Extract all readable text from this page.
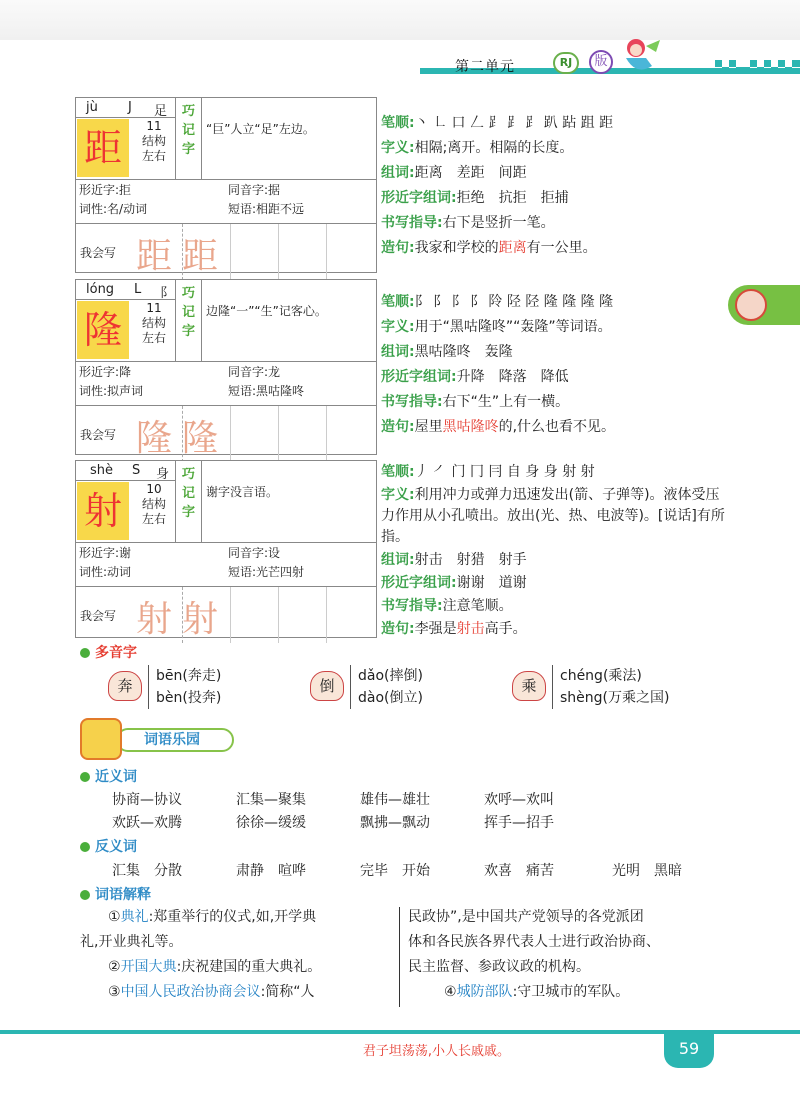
第二单元	RJ	版
jù J 足
距	11
结构
左右
巧记字
“巨”人立“足”左边。
形近字:拒	同音字:据
词性:名/动词	短语:相距不远
我会写 距 距
lóng L 阝
隆	11
结构
左右
巧记字
边隆“一”“生”记客心。
形近字:降	同音字:龙
词性:拟声词	短语:黑咕隆咚
我会写 隆 隆
shè S 身
射	10
结构
左右
巧记字
谢字没言语。
形近字:谢	同音字:设
词性:动词	短语:光芒四射
我会写 射 射
笔顺:丶 ㇗ 口 𠃋 ⻊ ⻊ ⻊ 趴 跕 跙 距
字义:相隔;离开。相隔的长度。
组词:距离　差距　间距
形近字组词:拒绝　抗拒　拒捕
书写指导:右下是竖折一笔。
造句:我家和学校的距离有一公里。
笔顺:⻖ ⻖ 阝 阝 阾 陉 陉 隆 隆 隆 隆
字义:用于“黑咕隆咚”“轰隆”等词语。
组词:黑咕隆咚　轰隆
形近字组词:升降　降落　降低
书写指导:右下“生”上有一横。
造句:屋里黑咕隆咚的,什么也看不见。
笔顺:丿 ㇒ 门 冂 冃 自 身 身 射 射
字义:利用冲力或弹力迅速发出(箭、子弹等)。液体受压力作用从小孔喷出。放出(光、热、电波等)。[说话]有所指。
组词:射击　射猎　射手
形近字组词:谢谢　道谢
书写指导:注意笔顺。
造句:李强是射击高手。
多音字
奔
bēn(奔走)
bèn(投奔)
倒
dǎo(摔倒)
dào(倒立)
乘
chéng(乘法)
shèng(万乘之国)
词语乐园
近义词
协商—协议	汇集—聚集	雄伟—雄壮	欢呼—欢叫
欢跃—欢腾	徐徐—缓缓	飘拂—飘动	挥手—招手
反义词
汇集　分散	肃静　喧哗	完毕　开始	欢喜　痛苦	光明　黑暗
词语解释
①典礼:郑重举行的仪式,如,开学典
礼,开业典礼等。
②开国大典:庆祝建国的重大典礼。
③中国人民政治协商会议:简称“人
民政协”,是中国共产党领导的各党派团
体和各民族各界代表人士进行政治协商、
民主监督、参政议政的机构。
④城防部队:守卫城市的军队。
君子坦荡荡,小人长戚戚。	59
